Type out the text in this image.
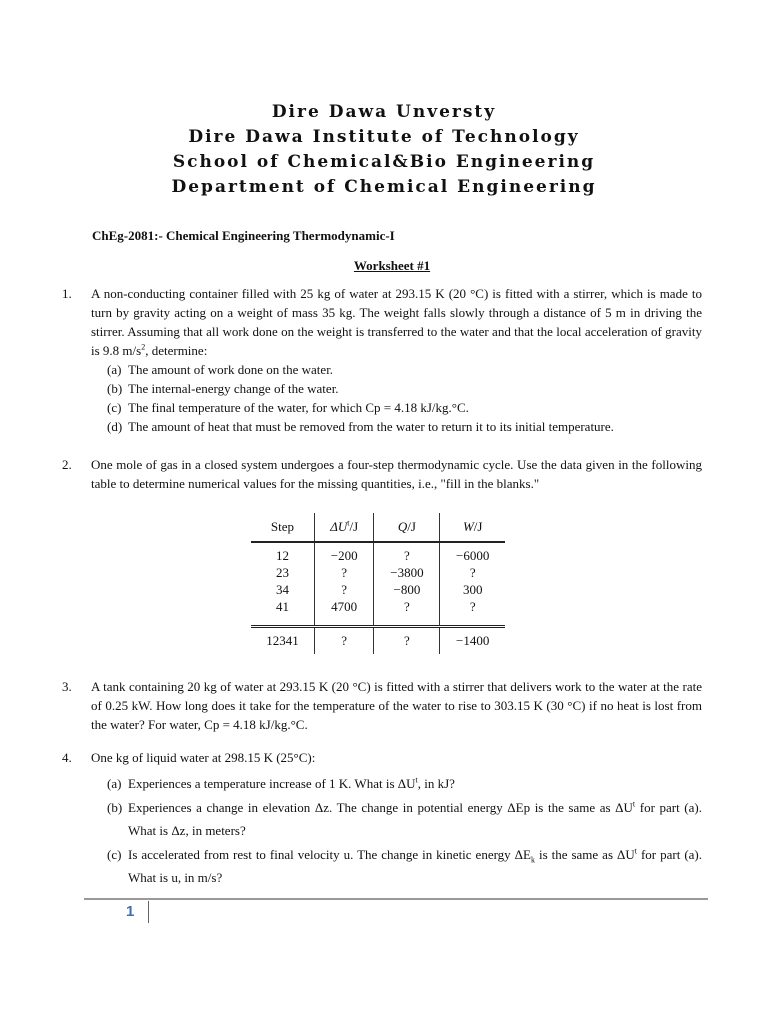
Dire Dawa Unversty
Dire Dawa Institute of Technology
School of Chemical&Bio Engineering
Department of Chemical Engineering
ChEg-2081:- Chemical Engineering Thermodynamic-I
Worksheet #1
1. A non-conducting container filled with 25 kg of water at 293.15 K (20 °C) is fitted with a stirrer, which is made to turn by gravity acting on a weight of mass 35 kg. The weight falls slowly through a distance of 5 m in driving the stirrer. Assuming that all work done on the weight is transferred to the water and that the local acceleration of gravity is 9.8 $m/s^2$, determine:
(a) The amount of work done on the water.
(b) The internal-energy change of the water.
(c) The final temperature of the water, for which Cp = 4.18 kJ/kg.°C.
(d) The amount of heat that must be removed from the water to return it to its initial temperature.
2. One mole of gas in a closed system undergoes a four-step thermodynamic cycle. Use the data given in the following table to determine numerical values for the missing quantities, i.e., "fill in the blanks."
Step	$\Delta U^t/J$	Q/J	W/J
12	−200	?	−6000
23	?	−3800	?
34	?	−800	300
41	4700	?	?
12341	?	?	−1400
3. A tank containing 20 kg of water at 293.15 K (20 °C) is fitted with a stirrer that delivers work to the water at the rate of 0.25 kW. How long does it take for the temperature of the water to rise to 303.15 K (30 °C) if no heat is lost from the water? For water, Cp = 4.18 kJ/kg.°C.
4. One kg of liquid water at 298.15 K (25°C):
(a) Experiences a temperature increase of 1 K. What is $\Delta U^t$, in kJ?
(b) Experiences a change in elevation Δz. The change in potential energy ΔEp is the same as $\Delta U^t$ for part (a). What is Δz, in meters?
(c) Is accelerated from rest to final velocity u. The change in kinetic energy $\Delta E_k$ is the same as $\Delta U^t$ for part (a). What is u, in m/s?
1
